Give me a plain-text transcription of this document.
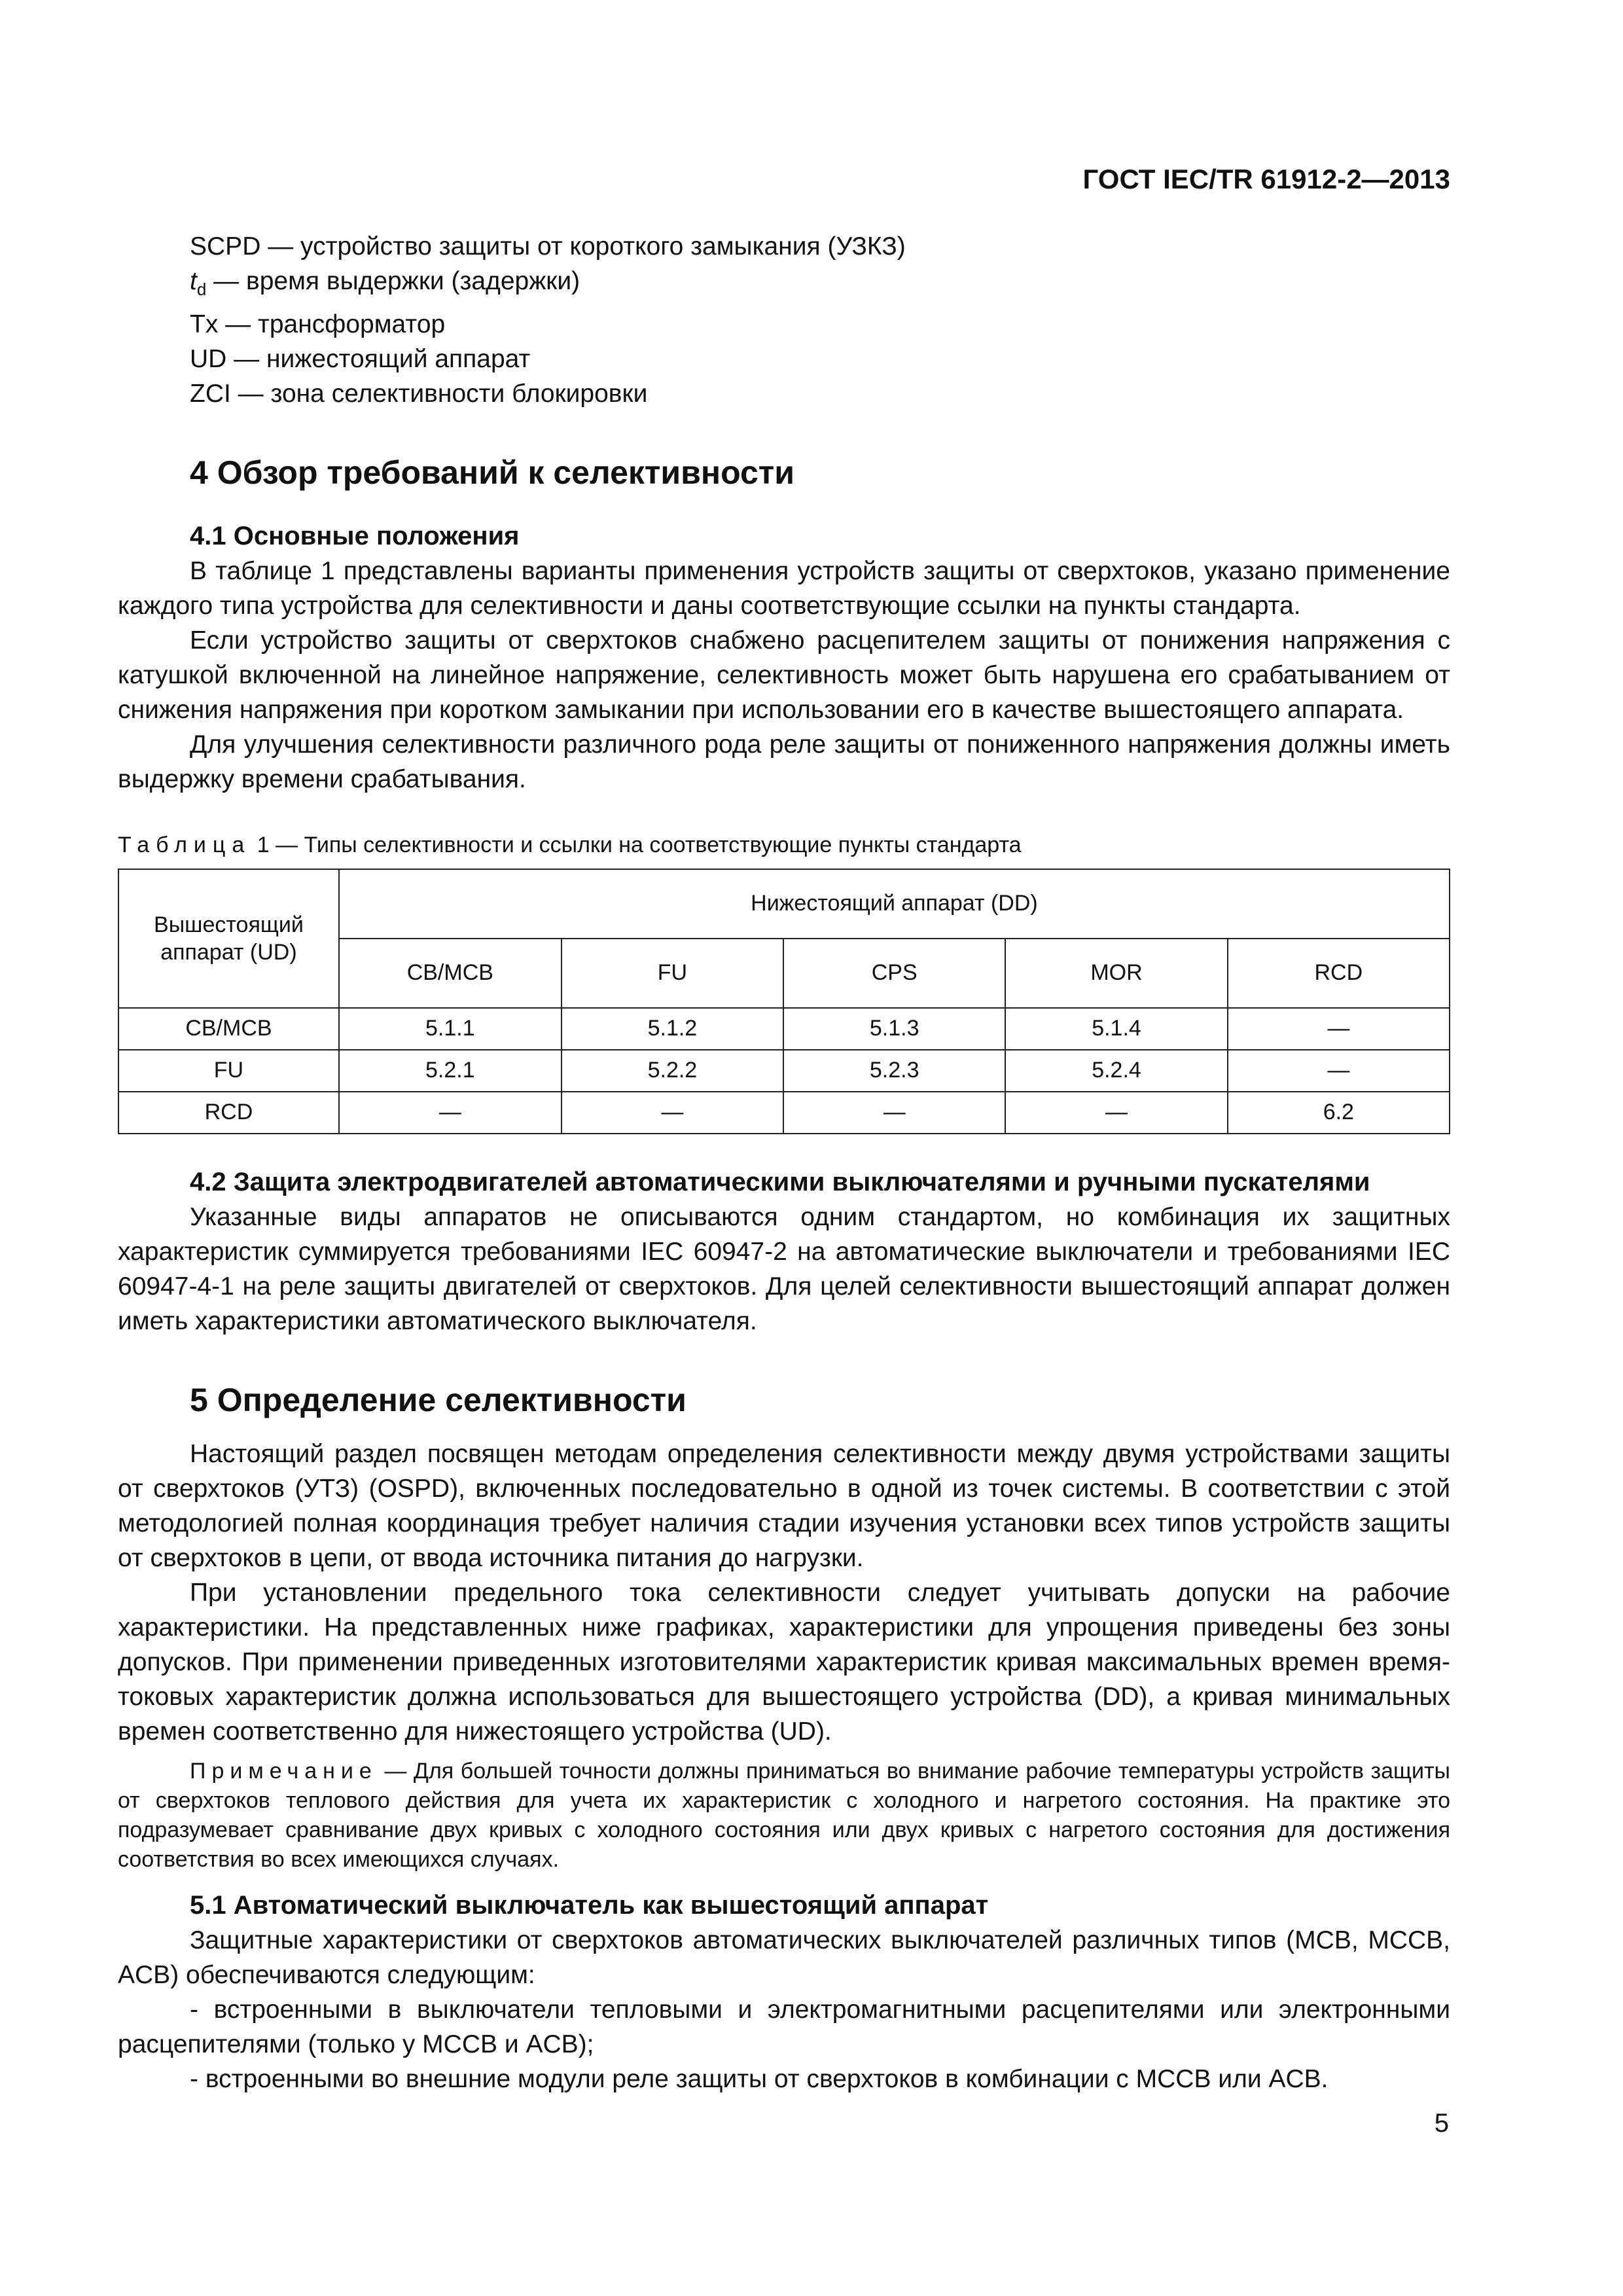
ГОСТ IEC/TR 61912-2—2013
SCPD — устройство защиты от короткого замыкания (УЗКЗ)
$t_d$ — время выдержки (задержки)
Tx — трансформатор
UD — нижестоящий аппарат
ZCI — зона селективности блокировки
4 Обзор требований к селективности
4.1 Основные положения

В таблице 1 представлены варианты применения устройств защиты от сверхтоков, указано применение каждого типа устройства для селективности и даны соответствующие ссылки на пункты стандарта.

Если устройство защиты от сверхтоков снабжено расцепителем защиты от понижения напряжения с катушкой включенной на линейное напряжение, селективность может быть нарушена его срабатыванием от снижения напряжения при коротком замыкании при использовании его в качестве вышестоящего аппарата.

Для улучшения селективности различного рода реле защиты от пониженного напряжения должны иметь выдержку времени срабатывания.

Таблица 1 — Типы селективности и ссылки на соответствующие пункты стандарта
Вышестоящий аппарат (UD)	Нижестоящий аппарат (DD)				
	CB/MCB	FU	CPS	MOR	RCD
CB/MCB	5.1.1	5.1.2	5.1.3	5.1.4	—
FU	5.2.1	5.2.2	5.2.3	5.2.4	—
RCD	—	—	—	—	6.2
4.2 Защита электродвигателей автоматическими выключателями и ручными пускателями

Указанные виды аппаратов не описываются одним стандартом, но комбинация их защитных характеристик суммируется требованиями IEC 60947-2 на автоматические выключатели и требованиями IEC 60947-4-1 на реле защиты двигателей от сверхтоков. Для целей селективности вышестоящий аппарат должен иметь характеристики автоматического выключателя.

5 Определение селективности

Настоящий раздел посвящен методам определения селективности между двумя устройствами защиты от сверхтоков (УТЗ) (OSPD), включенных последовательно в одной из точек системы. В соответствии с этой методологией полная координация требует наличия стадии изучения установки всех типов устройств защиты от сверхтоков в цепи, от ввода источника питания до нагрузки.

При установлении предельного тока селективности следует учитывать допуски на рабочие характеристики. На представленных ниже графиках, характеристики для упрощения приведены без зоны допусков. При применении приведенных изготовителями характеристик кривая максимальных времен время-токовых характеристик должна использоваться для вышестоящего устройства (DD), а кривая минимальных времен соответственно для нижестоящего устройства (UD).

Примечание — Для большей точности должны приниматься во внимание рабочие температуры устройств защиты от сверхтоков теплового действия для учета их характеристик с холодного и нагретого состояния. На практике это подразумевает сравнивание двух кривых с холодного состояния или двух кривых с нагретого состояния для достижения соответствия во всех имеющихся случаях.
5.1 Автоматический выключатель как вышестоящий аппарат

Защитные характеристики от сверхтоков автоматических выключателей различных типов (MCB, MCCB, ACB) обеспечиваются следующим:

- встроенными в выключатели тепловыми и электромагнитными расцепителями или электронными расцепителями (только у MCCB и ACB);

- встроенными во внешние модули реле защиты от сверхтоков в комбинации с MCCB или ACB.

5
